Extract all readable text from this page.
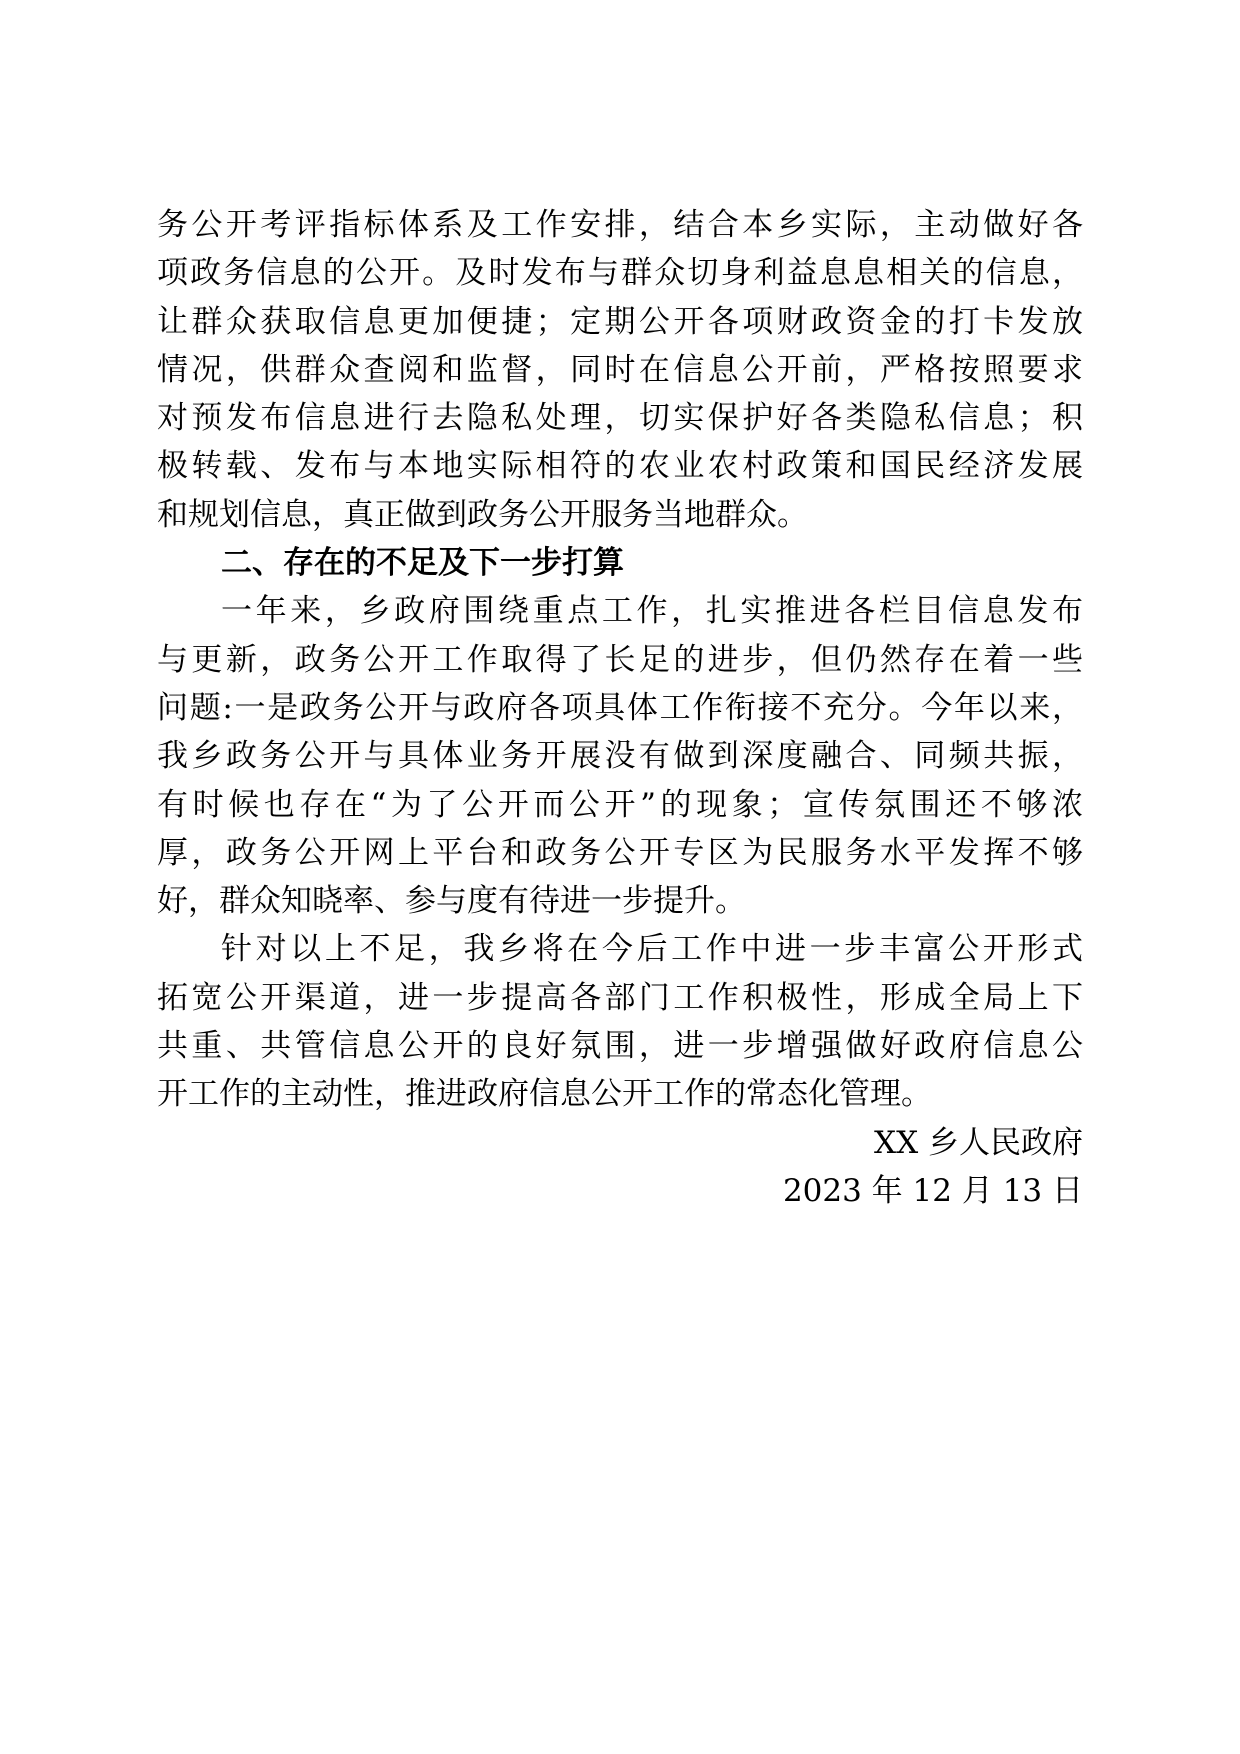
务公开考评指标体系及工作安排，结合本乡实际，主动做好各
项政务信息的公开。及时发布与群众切身利益息息相关的信息，
让群众获取信息更加便捷；定期公开各项财政资金的打卡发放
情况，供群众查阅和监督，同时在信息公开前，严格按照要求
对预发布信息进行去隐私处理，切实保护好各类隐私信息；积
极转载、发布与本地实际相符的农业农村政策和国民经济发展
和规划信息，真正做到政务公开服务当地群众。
二、存在的不足及下一步打算
一年来，乡政府围绕重点工作，扎实推进各栏目信息发布
与更新，政务公开工作取得了长足的进步，但仍然存在着一些
问题:一是政务公开与政府各项具体工作衔接不充分。今年以来，
我乡政务公开与具体业务开展没有做到深度融合、同频共振，
有时候也存在“为了公开而公开”的现象；宣传氛围还不够浓
厚，政务公开网上平台和政务公开专区为民服务水平发挥不够
好，群众知晓率、参与度有待进一步提升。
针对以上不足，我乡将在今后工作中进一步丰富公开形式
拓宽公开渠道，进一步提高各部门工作积极性，形成全局上下
共重、共管信息公开的良好氛围，进一步增强做好政府信息公
开工作的主动性，推进政府信息公开工作的常态化管理。
XX 乡人民政府
2023 年 12 月 13 日
